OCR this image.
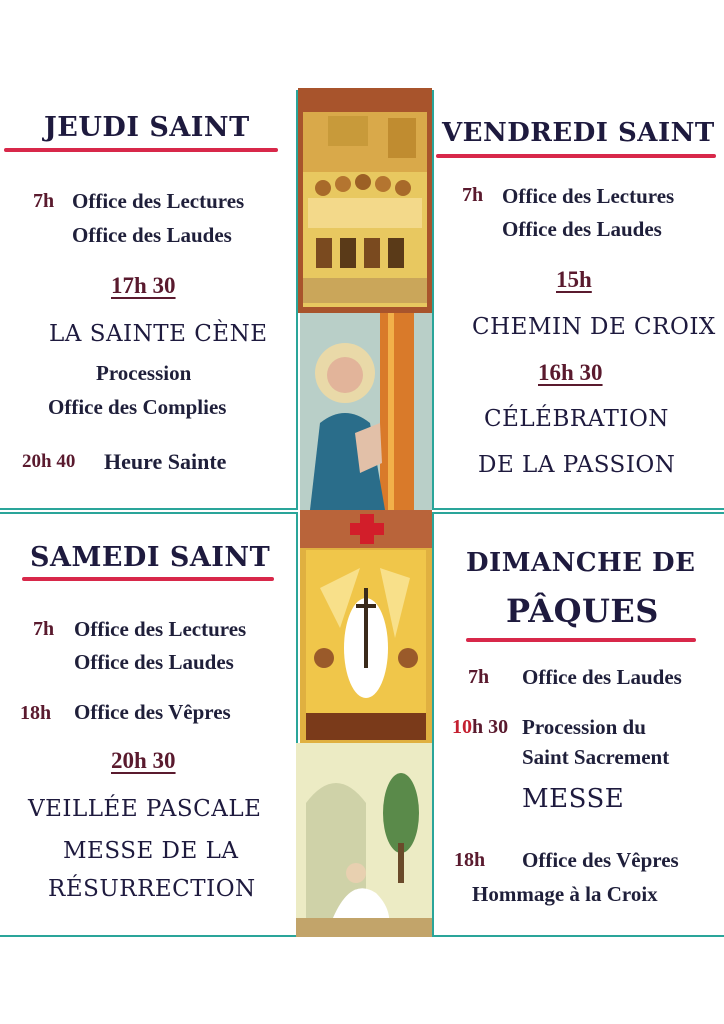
JEUDI SAINT
7h Office des Lectures
Office des Laudes
17h 30
LA SAINTE CÈNE
Procession
Office des Complies
20h 40 Heure Sainte
VENDREDI SAINT
7h Office des Lectures
Office des Laudes
15h
CHEMIN DE CROIX
16h 30
CÉLÉBRATION
DE LA PASSION
SAMEDI SAINT
7h Office des Lectures
Office des Laudes
18h Office des Vêpres
20h 30
VEILLÉE PASCALE
MESSE DE LA
RÉSURRECTION
DIMANCHE DE
PÂQUES
7h Office des Laudes
10h 30 Procession du
Saint Sacrement
MESSE
18h Office des Vêpres
Hommage à la Croix
